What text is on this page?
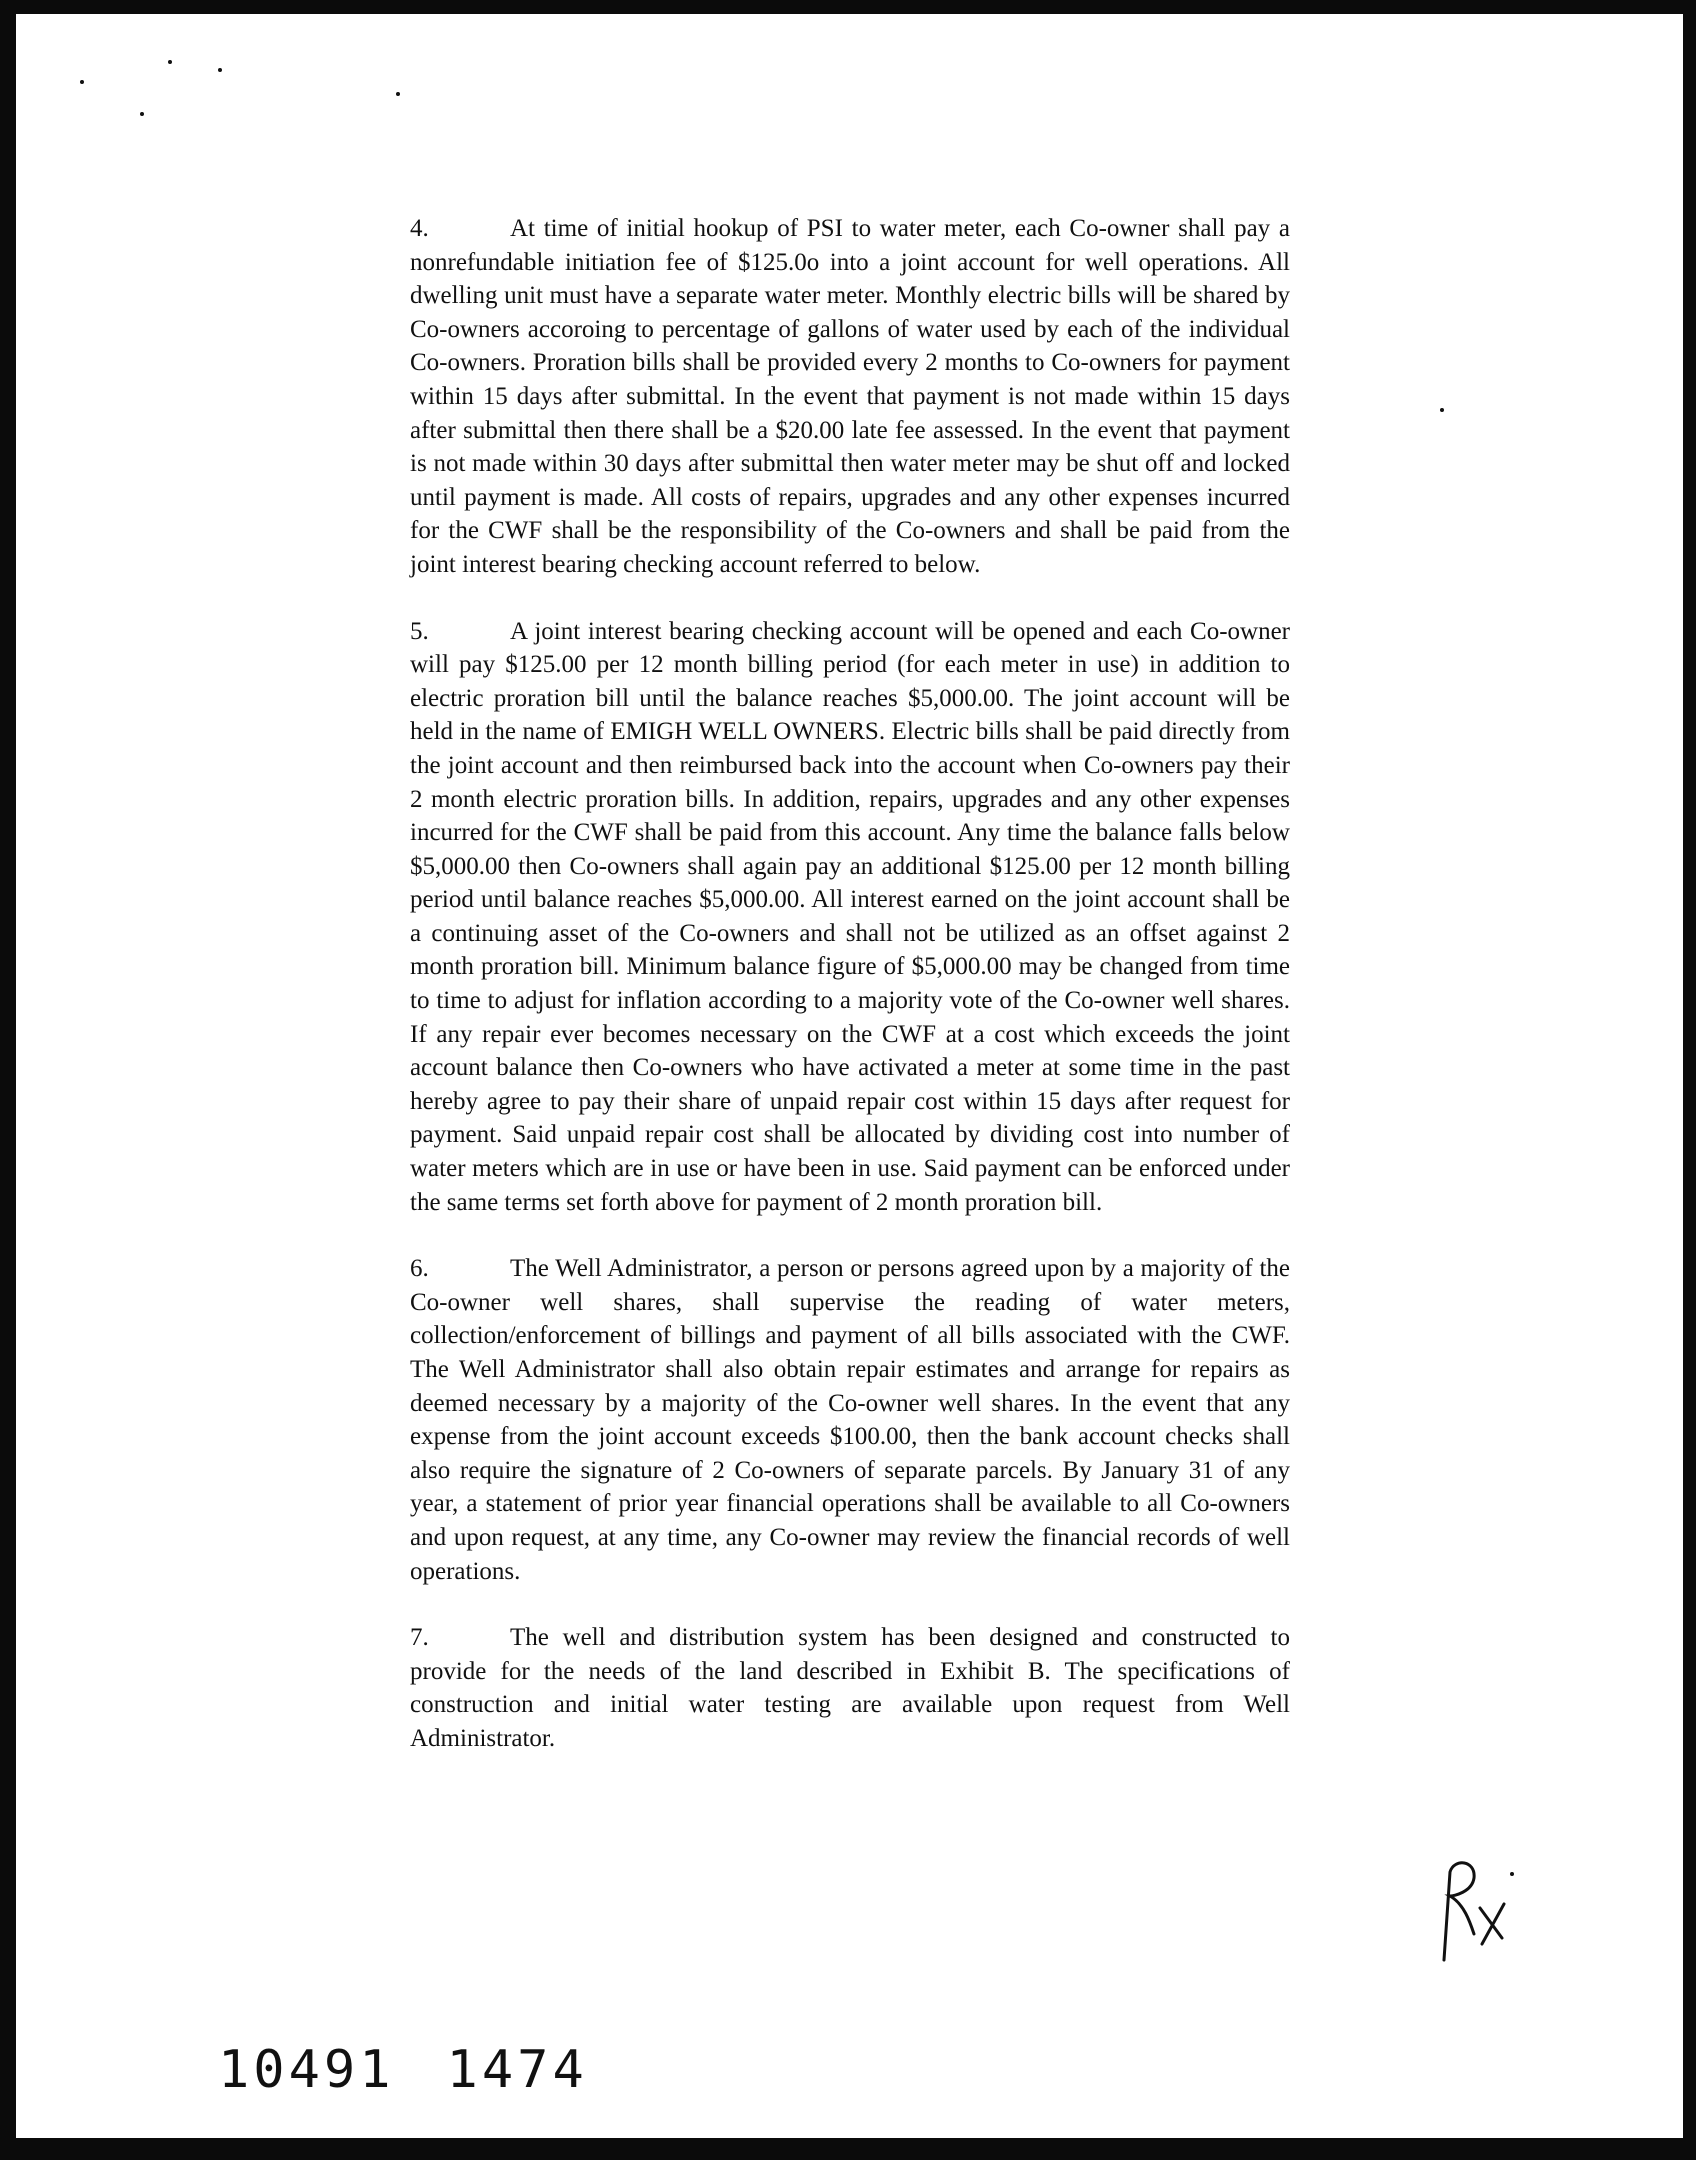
4.	At time of initial hookup of PSI to water meter, each Co-owner shall pay a nonrefundable initiation fee of $125.0o into a joint account for well operations. All dwelling unit must have a separate water meter. Monthly electric bills will be shared by Co-owners accoroing to percentage of gallons of water used by each of the individual Co-owners. Proration bills shall be provided every 2 months to Co-owners for payment within 15 days after submittal. In the event that payment is not made within 15 days after submittal then there shall be a $20.00 late fee assessed. In the event that payment is not made within 30 days after submittal then water meter may be shut off and locked until payment is made. All costs of repairs, upgrades and any other expenses incurred for the CWF shall be the responsibility of the Co-owners and shall be paid from the joint interest bearing checking account referred to below.

5.	A joint interest bearing checking account will be opened and each Co-owner will pay $125.00 per 12 month billing period (for each meter in use) in addition to electric proration bill until the balance reaches $5,000.00. The joint account will be held in the name of EMIGH WELL OWNERS. Electric bills shall be paid directly from the joint account and then reimbursed back into the account when Co-owners pay their 2 month electric proration bills. In addition, repairs, upgrades and any other expenses incurred for the CWF shall be paid from this account. Any time the balance falls below $5,000.00 then Co-owners shall again pay an additional $125.00 per 12 month billing period until balance reaches $5,000.00. All interest earned on the joint account shall be a continuing asset of the Co-owners and shall not be utilized as an offset against 2 month proration bill. Minimum balance figure of $5,000.00 may be changed from time to time to adjust for inflation according to a majority vote of the Co-owner well shares. If any repair ever becomes necessary on the CWF at a cost which exceeds the joint account balance then Co-owners who have activated a meter at some time in the past hereby agree to pay their share of unpaid repair cost within 15 days after request for payment. Said unpaid repair cost shall be allocated by dividing cost into number of water meters which are in use or have been in use. Said payment can be enforced under the same terms set forth above for payment of 2 month proration bill.

6.	The Well Administrator, a person or persons agreed upon by a majority of the Co-owner well shares, shall supervise the reading of water meters, collection/enforcement of billings and payment of all bills associated with the CWF. The Well Administrator shall also obtain repair estimates and arrange for repairs as deemed necessary by a majority of the Co-owner well shares. In the event that any expense from the joint account exceeds $100.00, then the bank account checks shall also require the signature of 2 Co-owners of separate parcels. By January 31 of any year, a statement of prior year financial operations shall be available to all Co-owners and upon request, at any time, any Co-owner may review the financial records of well operations.

7.	The well and distribution system has been designed and constructed to provide for the needs of the land described in Exhibit B. The specifications of construction and initial water testing are available upon request from Well Administrator.

10491 1474
